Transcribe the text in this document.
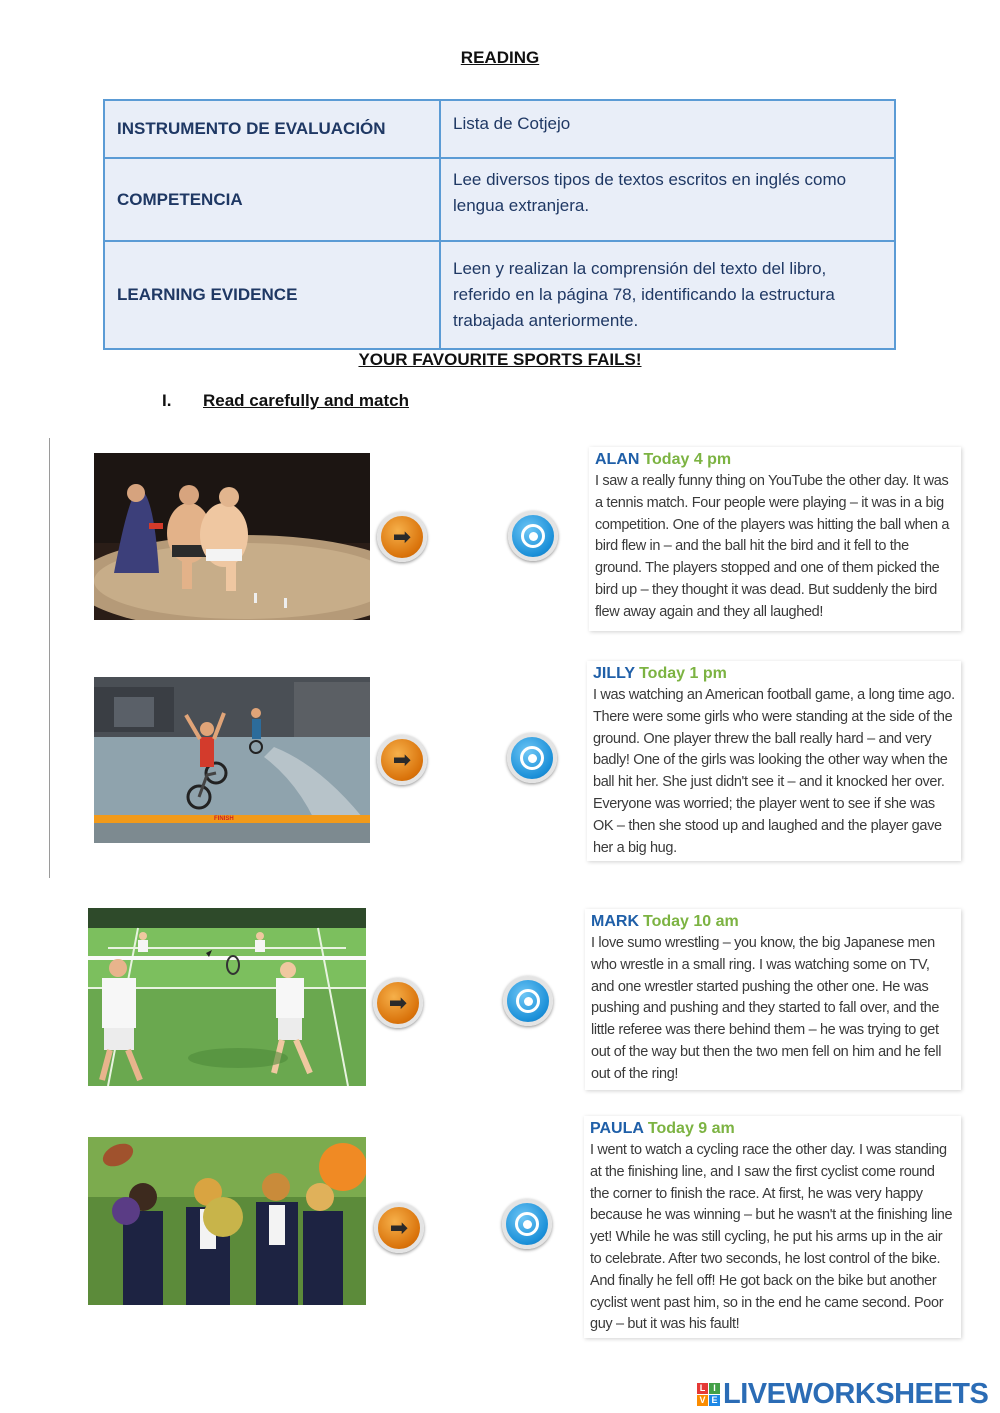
READING
INSTRUMENTO DE EVALUACIÓN	Lista de Cotjejo
COMPETENCIA	Lee diversos tipos de textos escritos en inglés como lengua extranjera.
LEARNING EVIDENCE	Leen y realizan la comprensión del texto del libro, referido en la página 78, identificando la estructura trabajada anteriormente.
YOUR FAVOURITE SPORTS FAILS!
I. Read carefully and match
FINISH
➡
➡
➡
➡
ALAN Today 4 pm
I saw a really funny thing on YouTube the other day. It was a tennis match. Four people were playing – it was in a big competition. One of the players was hitting the ball when a bird flew in – and the ball hit the bird and it fell to the ground. The players stopped and one of them picked the bird up – they thought it was dead. But suddenly the bird flew away again and they all laughed!
JILLY Today 1 pm
I was watching an American football game, a long time ago. There were some girls who were standing at the side of the ground. One player threw the ball really hard – and very badly! One of the girls was looking the other way when the ball hit her. She just didn't see it – and it knocked her over. Everyone was worried; the player went to see if she was OK – then she stood up and laughed and the player gave her a big hug.
MARK Today 10 am
I love sumo wrestling – you know, the big Japanese men who wrestle in a small ring. I was watching some on TV, and one wrestler started pushing the other one. He was pushing and pushing and they started to fall over, and the little referee was there behind them – he was trying to get out of the way but then the two men fell on him and he fell out of the ring!
PAULA Today 9 am
I went to watch a cycling race the other day. I was standing at the finishing line, and I saw the first cyclist come round the corner to finish the race. At first, he was very happy because he was winning – but he wasn't at the finishing line yet! While he was still cycling, he put his arms up in the air to celebrate. After two seconds, he lost control of the bike. And finally he fell off! He got back on the bike but another cyclist went past him, so in the end he came second. Poor guy – but it was his fault!
L I
V E LIVEWORKSHEETS
